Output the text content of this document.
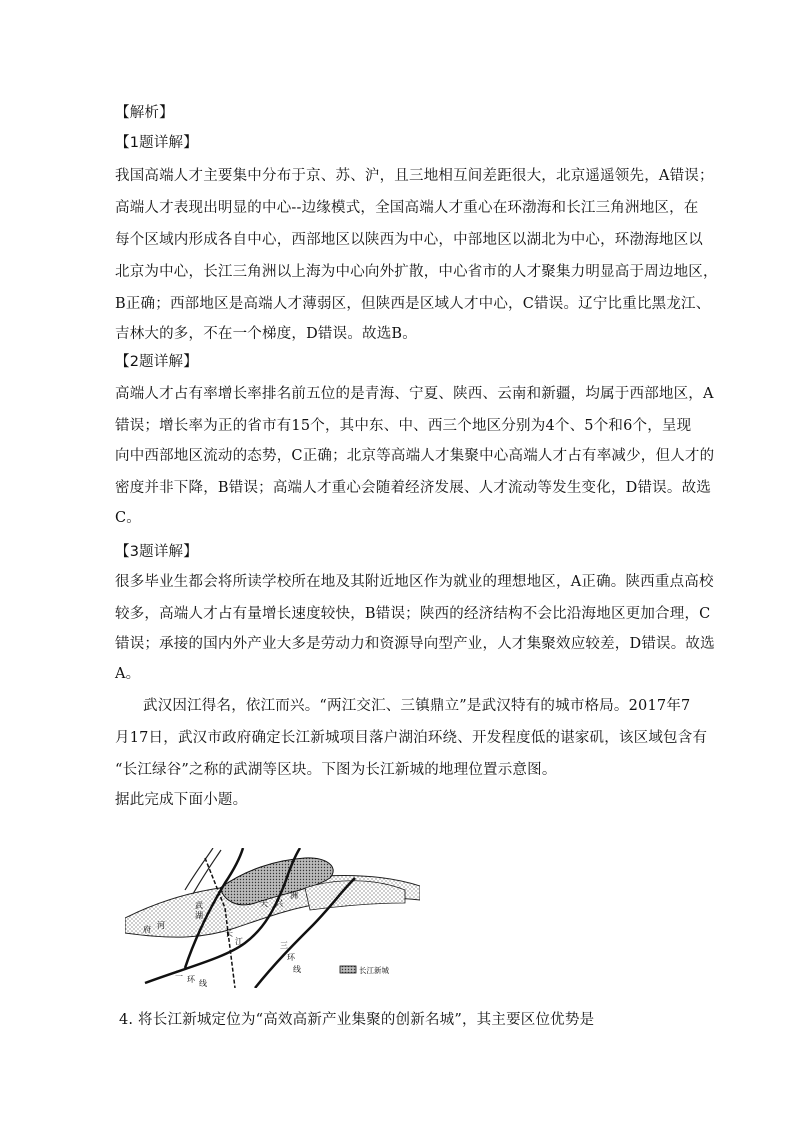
【解析】
【1题详解】
我国高端人才主要集中分布于京、苏、沪，且三地相互间差距很大，北京遥遥领先，A错误；
高端人才表现出明显的中心--边缘模式，全国高端人才重心在环渤海和长江三角洲地区，在
每个区域内形成各自中心，西部地区以陕西为中心，中部地区以湖北为中心，环渤海地区以
北京为中心，长江三角洲以上海为中心向外扩散，中心省市的人才聚集力明显高于周边地区，
B正确；西部地区是高端人才薄弱区，但陕西是区域人才中心，C错误。辽宁比重比黑龙江、
吉林大的多，不在一个梯度，D错误。故选B。
【2题详解】
高端人才占有率增长率排名前五位的是青海、宁夏、陕西、云南和新疆，均属于西部地区，A
错误；增长率为正的省市有15个，其中东、中、西三个地区分别为4个、5个和6个，呈现
向中西部地区流动的态势，C正确；北京等高端人才集聚中心高端人才占有率减少，但人才的
密度并非下降，B错误；高端人才重心会随着经济发展、人才流动等发生变化，D错误。故选
C。
【3题详解】
很多毕业生都会将所读学校所在地及其附近地区作为就业的理想地区，A正确。陕西重点高校
较多，高端人才占有量增长速度较快，B错误；陕西的经济结构不会比沿海地区更加合理，C
错误；承接的国内外产业大多是劳动力和资源导向型产业，人才集聚效应较差，D错误。故选
A。
武汉因江得名，依江而兴。“两江交汇、三镇鼎立”是武汉特有的城市格局。2017年7
月17日，武汉市政府确定长江新城项目落户湖泊环绕、开发程度低的谌家矶，该区域包含有
“长江绿谷”之称的武湖等区块。下图为长江新城的地理位置示意图。
据此完成下面小题。
府 河
武
湖
天 兴
洲
长
江	三
环
线
二
环 线
长江新城
4. 将长江新城定位为“高效高新产业集聚的创新名城”，其主要区位优势是
